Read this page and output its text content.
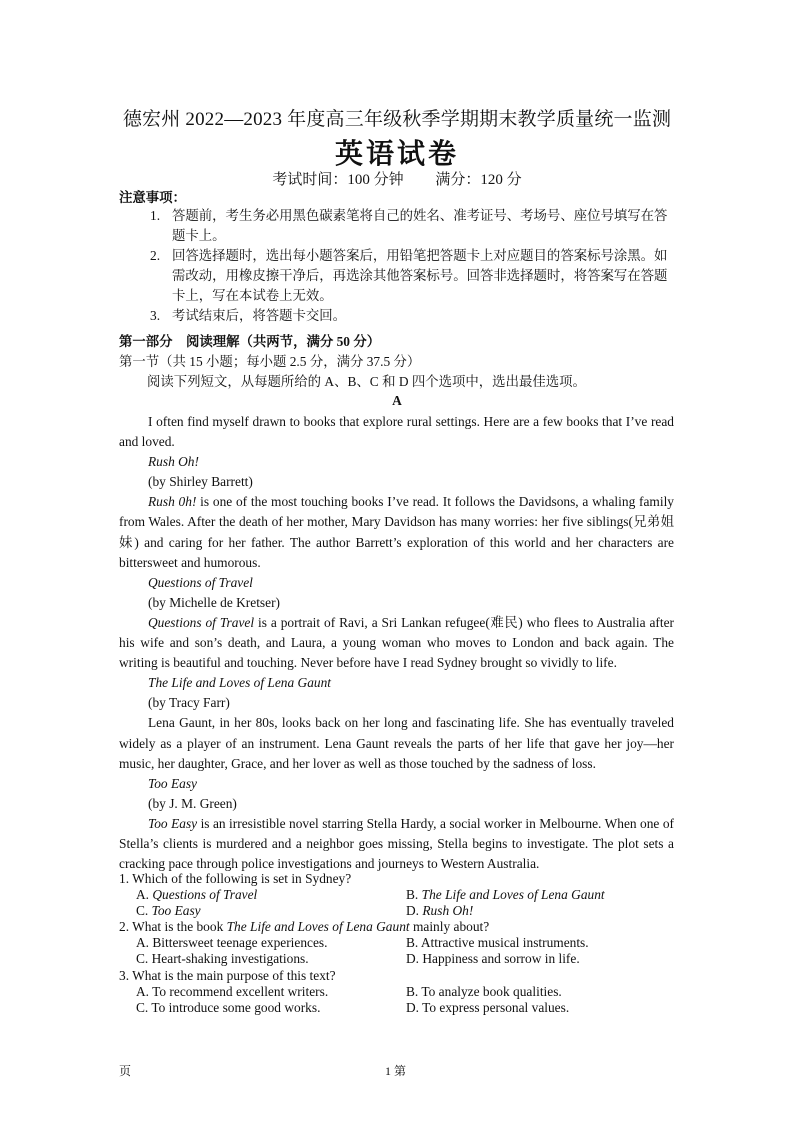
德宏州 2022—2023 年度高三年级秋季学期期末教学质量统一监测
英语试卷
考试时间：100 分钟 满分：120 分
注意事项：
1. 答题前，考生务必用黑色碳素笔将自己的姓名、准考证号、考场号、座位号填写在答题卡上。
2. 回答选择题时，选出每小题答案后，用铅笔把答题卡上对应题目的答案标号涂黑。如需改动，用橡皮擦干净后，再选涂其他答案标号。回答非选择题时，将答案写在答题卡上，写在本试卷上无效。
3. 考试结束后，将答题卡交回。
第一部分　阅读理解（共两节，满分 50 分）
第一节（共 15 小题；每小题 2.5 分，满分 37.5 分）
阅读下列短文，从每题所给的 A、B、C 和 D 四个选项中，选出最佳选项。
A

I often find myself drawn to books that explore rural settings. Here are a few books that I’ve read and loved.

Rush Oh!

(by Shirley Barrett)

Rush 0h! is one of the most touching books I’ve read. It follows the Davidsons, a whaling family from Wales. After the death of her mother, Mary Davidson has many worries: her five siblings(兄弟姐妹) and caring for her father. The author Barrett’s exploration of this world and her characters are bittersweet and humorous.

Questions of Travel

(by Michelle de Kretser)

Questions of Travel is a portrait of Ravi, a Sri Lankan refugee(难民) who flees to Australia after his wife and son’s death, and Laura, a young woman who moves to London and back again. The writing is beautiful and touching. Never before have I read Sydney brought so vividly to life.

The Life and Loves of Lena Gaunt

(by Tracy Farr)

Lena Gaunt, in her 80s, looks back on her long and fascinating life. She has eventually traveled widely as a player of an instrument. Lena Gaunt reveals the parts of her life that gave her joy—her music, her daughter, Grace, and her lover as well as those touched by the sadness of loss.

Too Easy

(by J. M. Green)

Too Easy is an irresistible novel starring Stella Hardy, a social worker in Melbourne. When one of Stella’s clients is murdered and a neighbor goes missing, Stella begins to investigate. The plot sets a cracking pace through police investigations and journeys to Western Australia.

1. Which of the following is set in Sydney?

A. Questions of Travel	B. The Life and Loves of Lena Gaunt
C. Too Easy	D. Rush Oh!

2. What is the book The Life and Loves of Lena Gaunt mainly about?

A. Bittersweet teenage experiences.	B. Attractive musical instruments.
C. Heart-shaking investigations.	D. Happiness and sorrow in life.

3. What is the main purpose of this text?

A. To recommend excellent writers.	B. To analyze book qualities.
C. To introduce some good works.	D. To express personal values.
页	1 第
